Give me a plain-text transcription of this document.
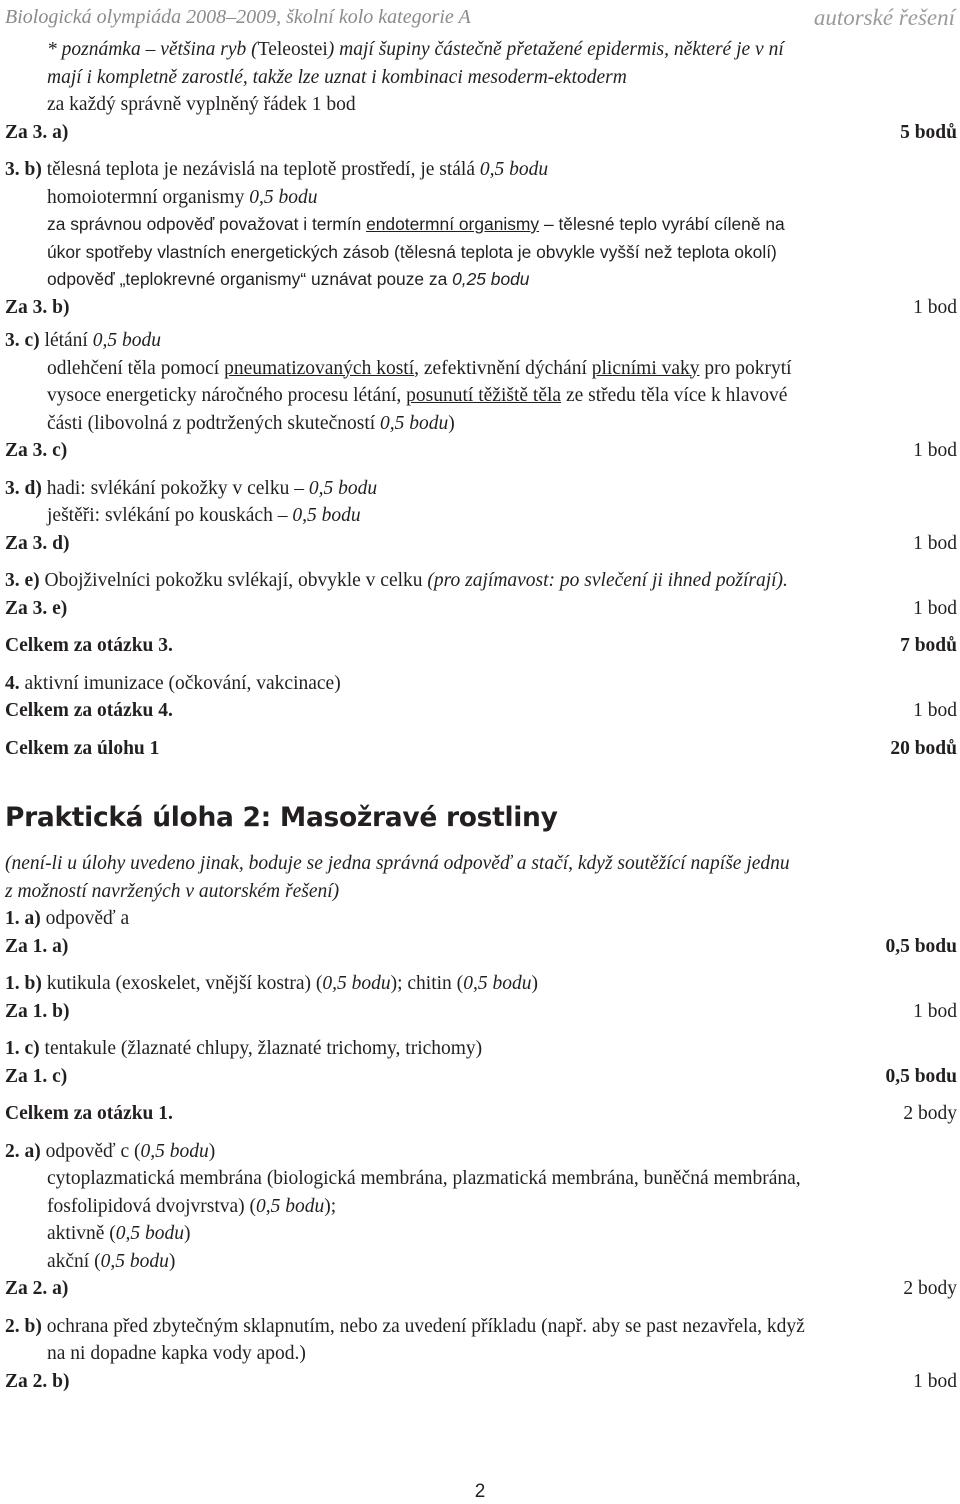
Biologická olympiáda 2008–2009, školní kolo kategorie A	autorské řešení

* poznámka – většina ryb (Teleostei) mají šupiny částečně přetažené epidermis, některé je v ní

mají i kompletně zarostlé, takže lze uznat i kombinaci mesoderm-ektoderm

za každý správně vyplněný řádek 1 bod

Za 3. a)	5 bodů

3. b) tělesná teplota je nezávislá na teplotě prostředí, je stálá 0,5 bodu

homoiotermní organismy 0,5 bodu

za správnou odpověď považovat i termín endotermní organismy – tělesné teplo vyrábí cíleně na

úkor spotřeby vlastních energetických zásob (tělesná teplota je obvykle vyšší než teplota okolí)

odpověď „teplokrevné organismy“ uznávat pouze za 0,25 bodu

Za 3. b)	1 bod

3. c) létání 0,5 bodu

odlehčení těla pomocí pneumatizovaných kostí, zefektivnění dýchání plicními vaky pro pokrytí

vysoce energeticky náročného procesu létání, posunutí těžiště těla ze středu těla více k hlavové

části (libovolná z podtržených skutečností 0,5 bodu)

Za 3. c)	1 bod

3. d) hadi: svlékání pokožky v celku – 0,5 bodu

ještěři: svlékání po kouskách – 0,5 bodu

Za 3. d)	1 bod

3. e) Obojživelníci pokožku svlékají, obvykle v celku (pro zajímavost: po svlečení ji ihned požírají).

Za 3. e)	1 bod
Celkem za otázku 3.	7 bodů

4. aktivní imunizace (očkování, vakcinace)

Celkem za otázku 4.	1 bod
Celkem za úlohu 1	20 bodů
Praktická úloha 2: Masožravé rostliny

(není-li u úlohy uvedeno jinak, boduje se jedna správná odpověď a stačí, když soutěžící napíše jednu

z možností navržených v autorském řešení)

1. a) odpověď a

Za 1. a)	0,5 bodu

1. b) kutikula (exoskelet, vnější kostra) (0,5 bodu); chitin (0,5 bodu)

Za 1. b)	1 bod

1. c) tentakule (žlaznaté chlupy, žlaznaté trichomy, trichomy)

Za 1. c)	0,5 bodu
Celkem za otázku 1.	2 body

2. a) odpověď c (0,5 bodu)

cytoplazmatická membrána (biologická membrána, plazmatická membrána, buněčná membrána,

fosfolipidová dvojvrstva) (0,5 bodu);

aktivně (0,5 bodu)

akční (0,5 bodu)

Za 2. a)	2 body

2. b) ochrana před zbytečným sklapnutím, nebo za uvedení příkladu (např. aby se past nezavřela, když

na ni dopadne kapka vody apod.)

Za 2. b)	1 bod
2
